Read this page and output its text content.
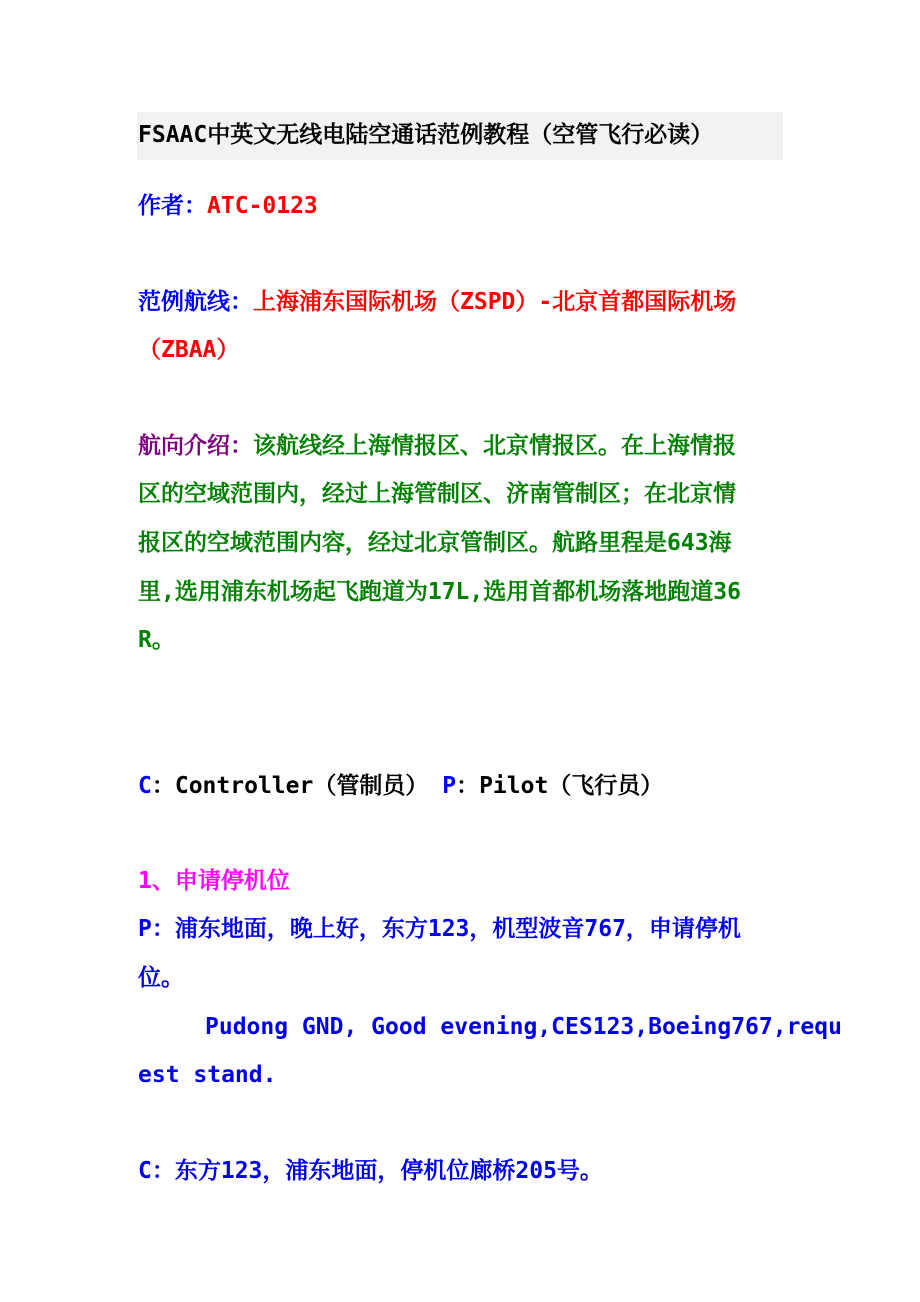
FSAAC中英文无线电陆空通话范例教程（空管飞行必读）
作者：ATC-0123
范例航线：上海浦东国际机场（ZSPD）-北京首都国际机场
（ZBAA）
航向介绍：该航线经上海情报区、北京情报区。在上海情报
区的空域范围内，经过上海管制区、济南管制区；在北京情
报区的空域范围内容，经过北京管制区。航路里程是643海
里,选用浦东机场起飞跑道为17L,选用首都机场落地跑道36
R。
C：Controller（管制员） P：Pilot（飞行员）
1、申请停机位
P：浦东地面，晚上好，东方123，机型波音767，申请停机
位。
Pudong GND, Good evening,CES123,Boeing767,requ
est stand.
C：东方123，浦东地面，停机位廊桥205号。
